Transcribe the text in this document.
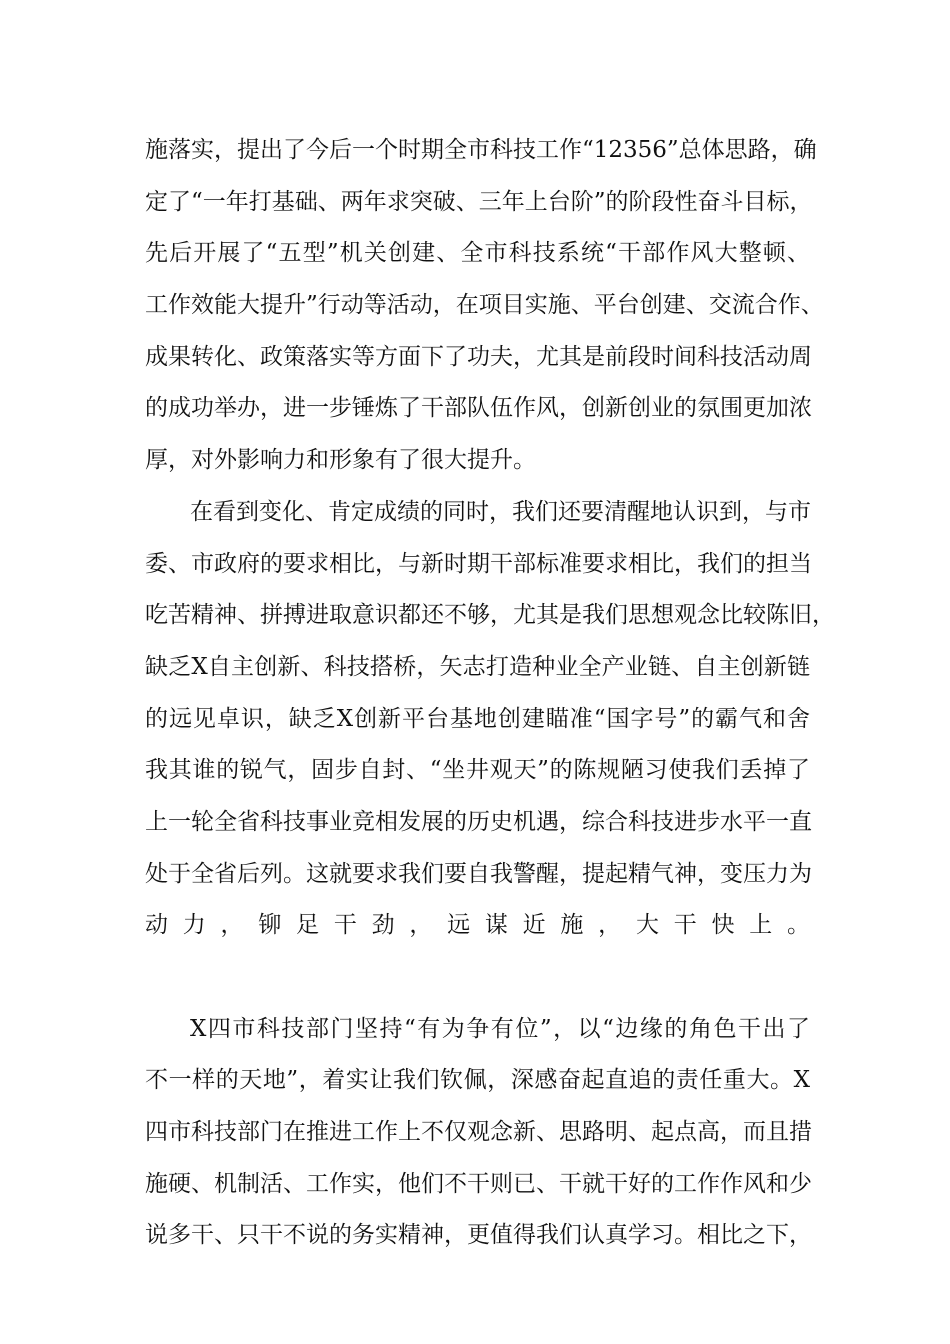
施落实，提出了今后一个时期全市科技工作“12356”总体思路，确
定了“一年打基础、两年求突破、三年上台阶”的阶段性奋斗目标，
先后开展了“五型”机关创建、全市科技系统“干部作风大整顿、
工作效能大提升”行动等活动，在项目实施、平台创建、交流合作、
成果转化、政策落实等方面下了功夫，尤其是前段时间科技活动周
的成功举办，进一步锤炼了干部队伍作风，创新创业的氛围更加浓
厚，对外影响力和形象有了很大提升。
在看到变化、肯定成绩的同时，我们还要清醒地认识到，与市
委、市政府的要求相比，与新时期干部标准要求相比，我们的担当
吃苦精神、拼搏进取意识都还不够，尤其是我们思想观念比较陈旧，
缺乏X自主创新、科技搭桥，矢志打造种业全产业链、自主创新链
的远见卓识，缺乏X创新平台基地创建瞄准“国字号”的霸气和舍
我其谁的锐气，固步自封、“坐井观天”的陈规陋习使我们丢掉了
上一轮全省科技事业竞相发展的历史机遇，综合科技进步水平一直
处于全省后列。这就要求我们要自我警醒，提起精气神，变压力为
动力，铆足干劲，远谋近施，大干快上。
X四市科技部门坚持“有为争有位”，以“边缘的角色干出了
不一样的天地”，着实让我们钦佩，深感奋起直追的责任重大。X
四市科技部门在推进工作上不仅观念新、思路明、起点高，而且措
施硬、机制活、工作实，他们不干则已、干就干好的工作作风和少
说多干、只干不说的务实精神，更值得我们认真学习。相比之下，
